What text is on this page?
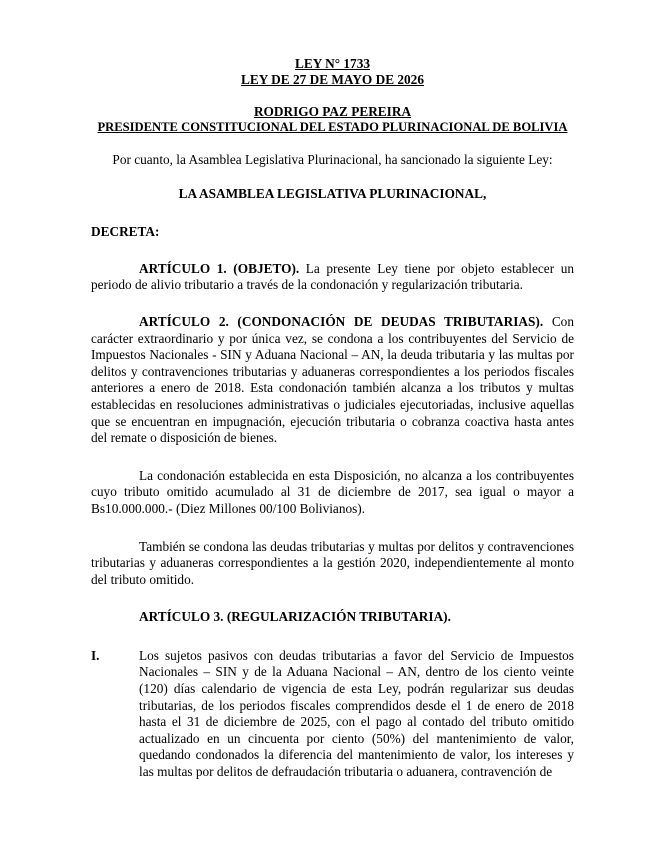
LEY N° 1733
LEY DE 27 DE MAYO DE 2026
RODRIGO PAZ PEREIRA
PRESIDENTE CONSTITUCIONAL DEL ESTADO PLURINACIONAL DE BOLIVIA
Por cuanto, la Asamblea Legislativa Plurinacional, ha sancionado la siguiente Ley:
LA ASAMBLEA LEGISLATIVA PLURINACIONAL,
DECRETA:

ARTÍCULO 1. (OBJETO). La presente Ley tiene por objeto establecer un periodo de alivio tributario a través de la condonación y regularización tributaria.

ARTÍCULO 2. (CONDONACIÓN DE DEUDAS TRIBUTARIAS). Con carácter extraordinario y por única vez, se condona a los contribuyentes del Servicio de Impuestos Nacionales - SIN y Aduana Nacional – AN, la deuda tributaria y las multas por delitos y contravenciones tributarias y aduaneras correspondientes a los periodos fiscales anteriores a enero de 2018. Esta condonación también alcanza a los tributos y multas establecidas en resoluciones administrativas o judiciales ejecutoriadas, inclusive aquellas que se encuentran en impugnación, ejecución tributaria o cobranza coactiva hasta antes del remate o disposición de bienes.

La condonación establecida en esta Disposición, no alcanza a los contribuyentes cuyo tributo omitido acumulado al 31 de diciembre de 2017, sea igual o mayor a Bs10.000.000.- (Diez Millones 00/100 Bolivianos).

También se condona las deudas tributarias y multas por delitos y contravenciones tributarias y aduaneras correspondientes a la gestión 2020, independientemente al monto del tributo omitido.

ARTÍCULO 3. (REGULARIZACIÓN TRIBUTARIA).

I.	Los sujetos pasivos con deudas tributarias a favor del Servicio de Impuestos Nacionales – SIN y de la Aduana Nacional – AN, dentro de los ciento veinte (120) días calendario de vigencia de esta Ley, podrán regularizar sus deudas tributarias, de los periodos fiscales comprendidos desde el 1 de enero de 2018 hasta el 31 de diciembre de 2025, con el pago al contado del tributo omitido actualizado en un cincuenta por ciento (50%) del mantenimiento de valor, quedando condonados la diferencia del mantenimiento de valor, los intereses y las multas por delitos de defraudación tributaria o aduanera, contravención de
